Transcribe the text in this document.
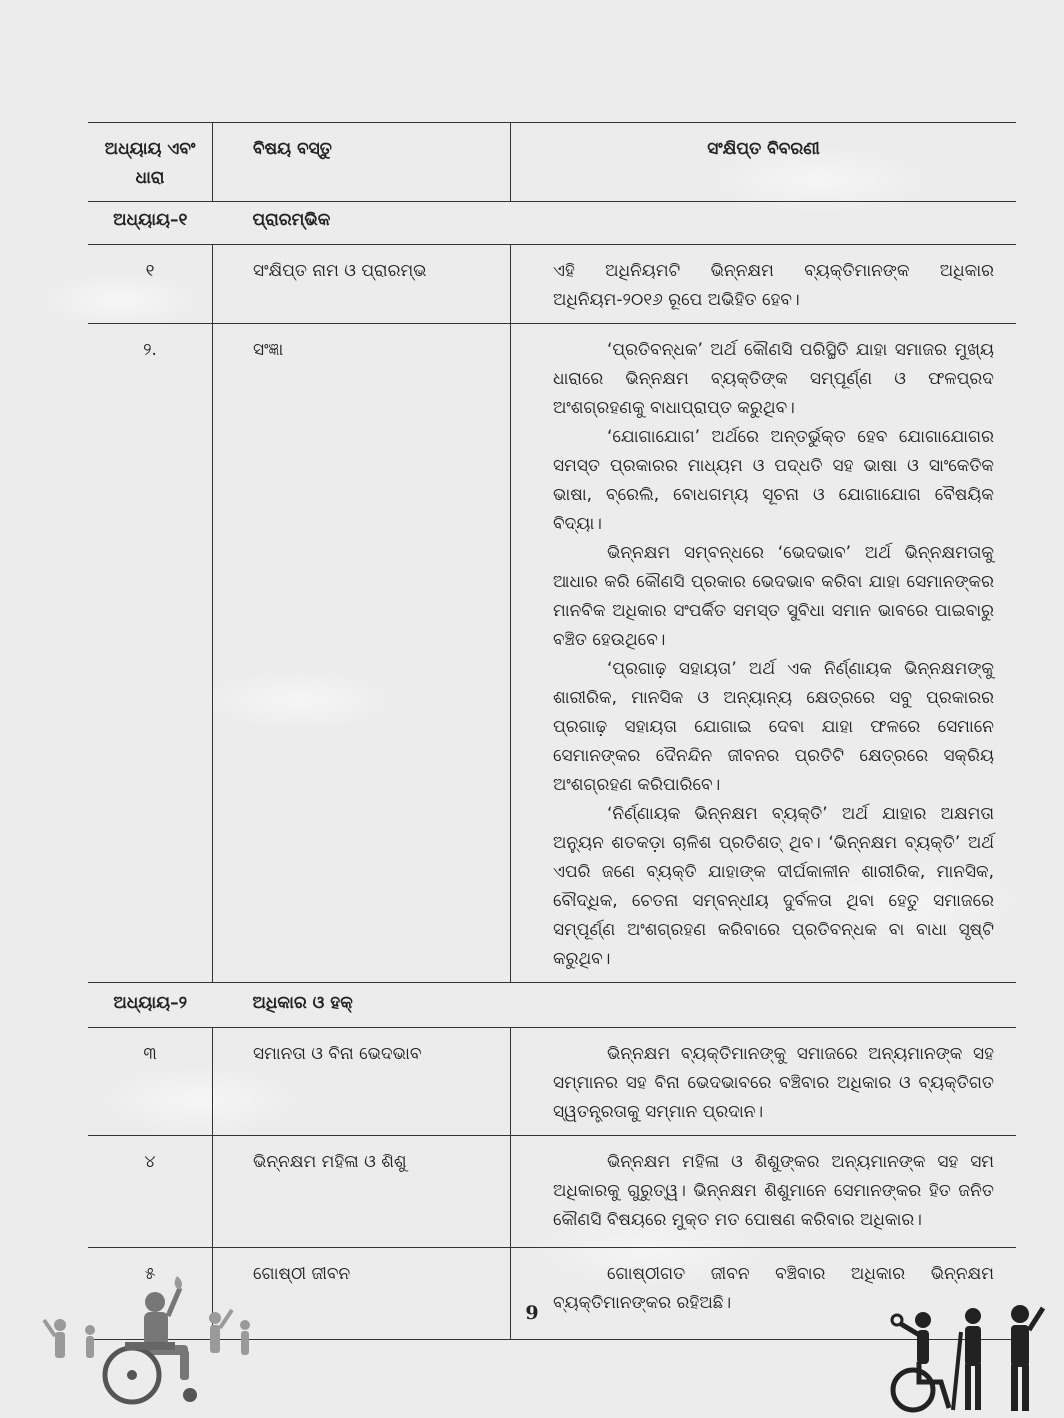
ଅଧ୍ୟାୟ ଏବଂ ଧାରା	ବିଷୟ ବସ୍ତୁ	ସଂକ୍ଷିପ୍ତ ବିବରଣୀ
ଅଧ୍ୟାୟ–୧	ପ୍ରାରମ୍ଭିକ	
୧	ସଂକ୍ଷିପ୍ତ ନାମ ଓ ପ୍ରାରମ୍ଭ	ଏହି ଅଧିନିୟମଟି ଭିନ୍ନକ୍ଷମ ବ୍ୟକ୍ତିମାନଙ୍କ ଅଧିକାର ଅଧିନିୟମ-୨୦୧୬ ରୂପେ ଅଭିହିତ ହେବ।

୨.	ସଂଜ୍ଞା	‘ପ୍ରତିବନ୍ଧକ’ ଅର୍ଥ କୌଣସି ପରିସ୍ଥିତି ଯାହା ସମାଜର ମୁଖ୍ୟ ଧାରାରେ ଭିନ୍ନକ୍ଷମ ବ୍ୟକ୍ତିଙ୍କ ସମ୍ପୂର୍ଣ୍ଣ ଓ ଫଳପ୍ରଦ ଅଂଶଗ୍ରହଣକୁ ବାଧାପ୍ରାପ୍ତ କରୁଥିବ।

‘ଯୋଗାଯୋଗ’ ଅର୍ଥରେ ଅନ୍ତର୍ଭୁକ୍ତ ହେବ ଯୋଗାଯୋଗର ସମସ୍ତ ପ୍ରକାରର ମାଧ୍ୟମ ଓ ପଦ୍ଧତି ସହ ଭାଷା ଓ ସାଂକେତିକ ଭାଷା, ବ୍ରେଲି, ବୋଧଗମ୍ୟ ସୂଚନା ଓ ଯୋଗାଯୋଗ ବୈଷୟିକ ବିଦ୍ୟା।

ଭିନ୍ନକ୍ଷମ ସମ୍ବନ୍ଧରେ ‘ଭେଦଭାବ’ ଅର୍ଥ ଭିନ୍ନକ୍ଷମତାକୁ ଆଧାର କରି କୌଣସି ପ୍ରକାର ଭେଦଭାବ କରିବା ଯାହା ସେମାନଙ୍କର ମାନବିକ ଅଧିକାର ସଂପର୍କିତ ସମସ୍ତ ସୁବିଧା ସମାନ ଭାବରେ ପାଇବାରୁ ବଞ୍ଚିତ ହେଉଥିବେ।

‘ପ୍ରଗାଢ଼ ସହାୟତା’ ଅର୍ଥ ଏକ ନିର୍ଣ୍ଣାୟକ ଭିନ୍ନକ୍ଷମଙ୍କୁ ଶାରୀରିକ, ମାନସିକ ଓ ଅନ୍ୟାନ୍ୟ କ୍ଷେତ୍ରରେ ସବୁ ପ୍ରକାରର ପ୍ରଗାଢ଼ ସହାୟତା ଯୋଗାଇ ଦେବା ଯାହା ଫଳରେ ସେମାନେ ସେମାନଙ୍କର ଦୈନନ୍ଦିନ ଜୀବନର ପ୍ରତିଟି କ୍ଷେତ୍ରରେ ସକ୍ରିୟ ଅଂଶଗ୍ରହଣ କରିପାରିବେ।

‘ନିର୍ଣ୍ଣାୟକ ଭିନ୍ନକ୍ଷମ ବ୍ୟକ୍ତି’ ଅର୍ଥ ଯାହାର ଅକ୍ଷମତା ଅନ୍ୟୁନ ଶତକଡ଼ା ଚାଳିଶ ପ୍ରତିଶତ୍ ଥିବ। ‘ଭିନ୍ନକ୍ଷମ ବ୍ୟକ୍ତି’ ଅର୍ଥ ଏପରି ଜଣେ ବ୍ୟକ୍ତି ଯାହାଙ୍କ ଦୀର୍ଘକାଳୀନ ଶାରୀରିକ, ମାନସିକ, ବୌଦ୍ଧିକ, ଚେତନା ସମ୍ବନ୍ଧୀୟ ଦୁର୍ବଳତା ଥିବା ହେତୁ ସମାଜରେ ସମ୍ପୂର୍ଣ୍ଣ ଅଂଶଗ୍ରହଣ କରିବାରେ ପ୍ରତିବନ୍ଧକ ବା ବାଧା ସୃଷ୍ଟି କରୁଥିବ।

ଅଧ୍ୟାୟ–୨	ଅଧିକାର ଓ ହକ୍	
୩	ସମାନତା ଓ ବିନା ଭେଦଭାବ	ଭିନ୍ନକ୍ଷମ ବ୍ୟକ୍ତିମାନଙ୍କୁ ସମାଜରେ ଅନ୍ୟମାନଙ୍କ ସହ ସମ୍ମାନର ସହ ବିନା ଭେଦଭାବରେ ବଞ୍ଚିବାର ଅଧିକାର ଓ ବ୍ୟକ୍ତିଗତ ସ୍ୱତନ୍ତ୍ରତାକୁ ସମ୍ମାନ ପ୍ରଦାନ।

୪	ଭିନ୍ନକ୍ଷମ ମହିଳା ଓ ଶିଶୁ	ଭିନ୍ନକ୍ଷମ ମହିଳା ଓ ଶିଶୁଙ୍କର ଅନ୍ୟମାନଙ୍କ ସହ ସମ ଅଧିକାରକୁ ଗୁରୁତ୍ୱ। ଭିନ୍ନକ୍ଷମ ଶିଶୁମାନେ ସେମାନଙ୍କର ହିତ ଜନିତ କୌଣସି ବିଷୟରେ ମୁକ୍ତ ମତ ପୋଷଣ କରିବାର ଅଧିକାର।

୫	ଗୋଷ୍ଠୀ ଜୀବନ	ଗୋଷ୍ଠୀଗତ ଜୀବନ ବଞ୍ଚିବାର ଅଧିକାର ଭିନ୍ନକ୍ଷମ ବ୍ୟକ୍ତିମାନଙ୍କର ରହିଅଛି।

9
